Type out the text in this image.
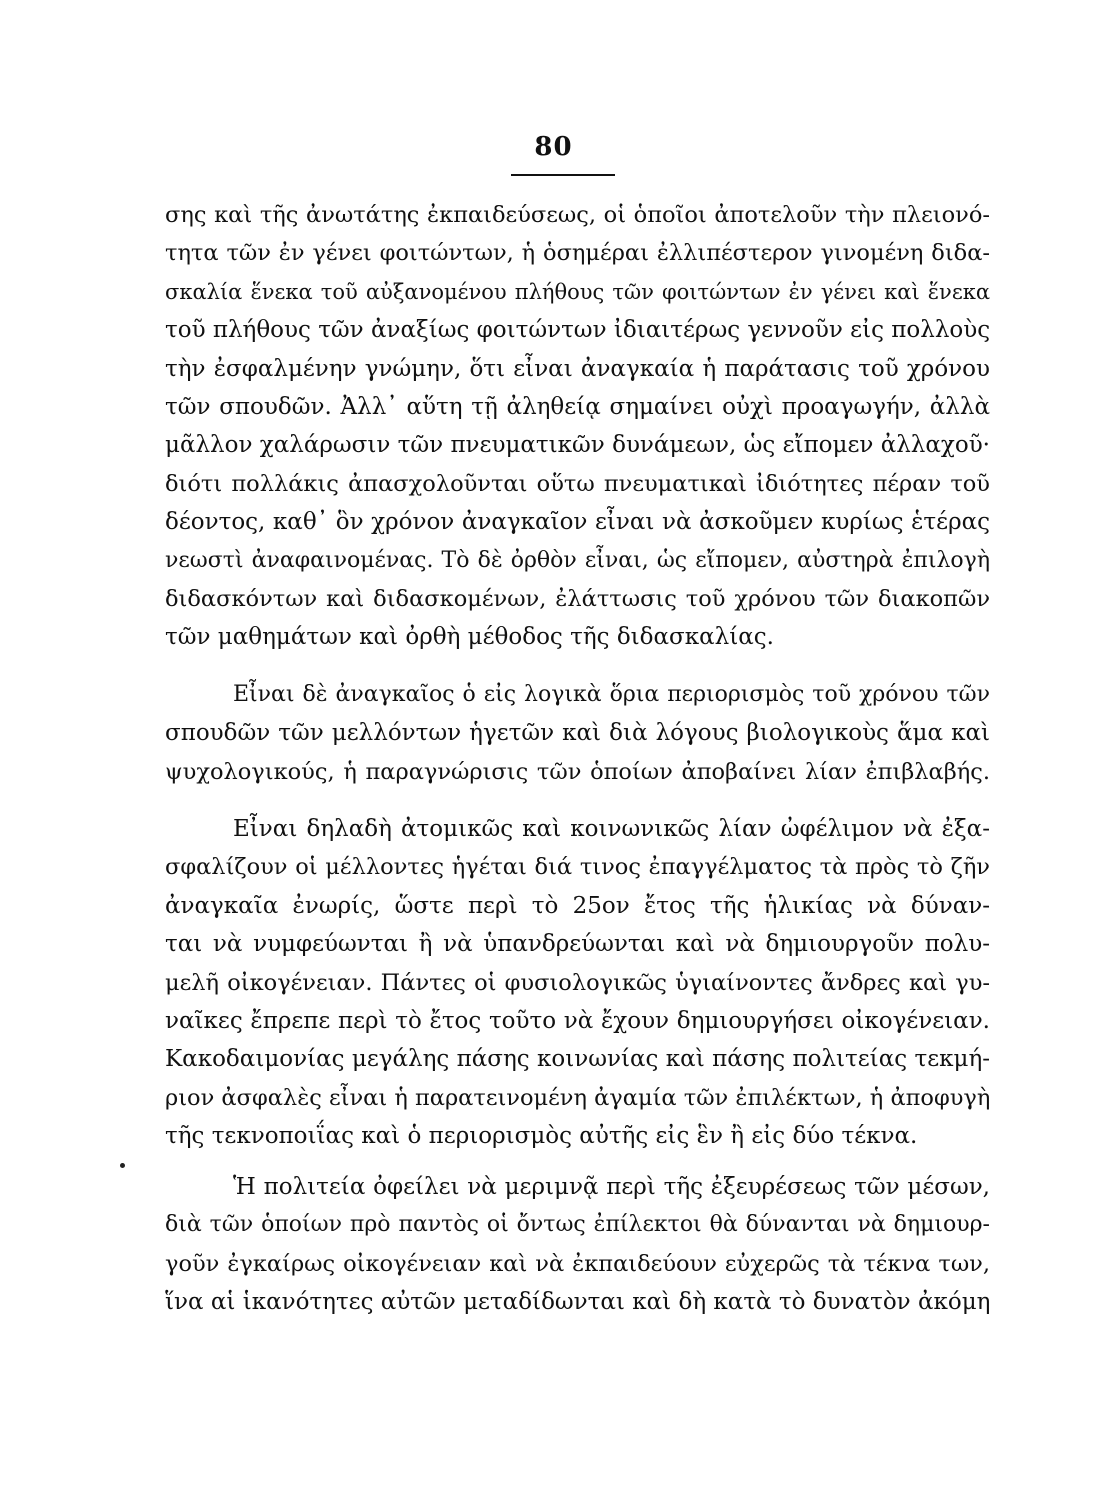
80
σης καὶ τῆς ἀνωτάτης ἐκπαιδεύσεως, οἱ ὁποῖοι ἀποτελοῦν τὴν πλειονό-
τητα τῶν ἐν γένει φοιτώντων, ἡ ὁσημέραι ἐλλιπέστερον γινομένη διδα-
σκαλία ἕνεκα τοῦ αὐξανομένου πλήθους τῶν φοιτώντων ἐν γένει καὶ ἕνεκα
τοῦ πλήθους τῶν ἀναξίως φοιτώντων ἰδιαιτέρως γεννοῦν εἰς πολλοὺς
τὴν ἐσφαλμένην γνώμην, ὅτι εἶναι ἀναγκαία ἡ παράτασις τοῦ χρόνου
τῶν σπουδῶν. Ἀλλ᾽ αὕτη τῇ ἀληθείᾳ σημαίνει οὐχὶ προαγωγήν, ἀλλὰ
μᾶλλον χαλάρωσιν τῶν πνευματικῶν δυνάμεων, ὡς εἴπομεν ἀλλαχοῦ·
διότι πολλάκις ἀπασχολοῦνται οὕτω πνευματικαὶ ἰδιότητες πέραν τοῦ
δέοντος, καθ᾽ ὃν χρόνον ἀναγκαῖον εἶναι νὰ ἀσκοῦμεν κυρίως ἑτέρας
νεωστὶ ἀναφαινομένας. Τὸ δὲ ὀρθὸν εἶναι, ὡς εἴπομεν, αὐστηρὰ ἐπιλογὴ
διδασκόντων καὶ διδασκομένων, ἐλάττωσις τοῦ χρόνου τῶν διακοπῶν
τῶν μαθημάτων καὶ ὀρθὴ μέθοδος τῆς διδασκαλίας.
Εἶναι δὲ ἀναγκαῖος ὁ εἰς λογικὰ ὅρια περιορισμὸς τοῦ χρόνου τῶν
σπουδῶν τῶν μελλόντων ἡγετῶν καὶ διὰ λόγους βιολογικοὺς ἅμα καὶ
ψυχολογικούς, ἡ παραγνώρισις τῶν ὁποίων ἀποβαίνει λίαν ἐπιβλαβής.
Εἶναι δηλαδὴ ἀτομικῶς καὶ κοινωνικῶς λίαν ὠφέλιμον νὰ ἐξα-
σφαλίζουν οἱ μέλλοντες ἡγέται διά τινος ἐπαγγέλματος τὰ πρὸς τὸ ζῆν
ἀναγκαῖα ἐνωρίς, ὥστε περὶ τὸ 25ον ἔτος τῆς ἡλικίας νὰ δύναν-
ται νὰ νυμφεύωνται ἢ νὰ ὑπανδρεύωνται καὶ νὰ δημιουργοῦν πολυ-
μελῆ οἰκογένειαν. Πάντες οἱ φυσιολογικῶς ὑγιαίνοντες ἄνδρες καὶ γυ-
ναῖκες ἔπρεπε περὶ τὸ ἔτος τοῦτο νὰ ἔχουν δημιουργήσει οἰκογένειαν.
Κακοδαιμονίας μεγάλης πάσης κοινωνίας καὶ πάσης πολιτείας τεκμή-
ριον ἀσφαλὲς εἶναι ἡ παρατεινομένη ἀγαμία τῶν ἐπιλέκτων, ἡ ἀποφυγὴ
τῆς τεκνοποιΐας καὶ ὁ περιορισμὸς αὐτῆς εἰς ἓν ἢ εἰς δύο τέκνα.
Ἡ πολιτεία ὀφείλει νὰ μεριμνᾷ περὶ τῆς ἐξευρέσεως τῶν μέσων,
διὰ τῶν ὁποίων πρὸ παντὸς οἱ ὄντως ἐπίλεκτοι θὰ δύνανται νὰ δημιουρ-
γοῦν ἐγκαίρως οἰκογένειαν καὶ νὰ ἐκπαιδεύουν εὐχερῶς τὰ τέκνα των,
ἵνα αἱ ἱκανότητες αὐτῶν μεταδίδωνται καὶ δὴ κατὰ τὸ δυνατὸν ἀκόμη
